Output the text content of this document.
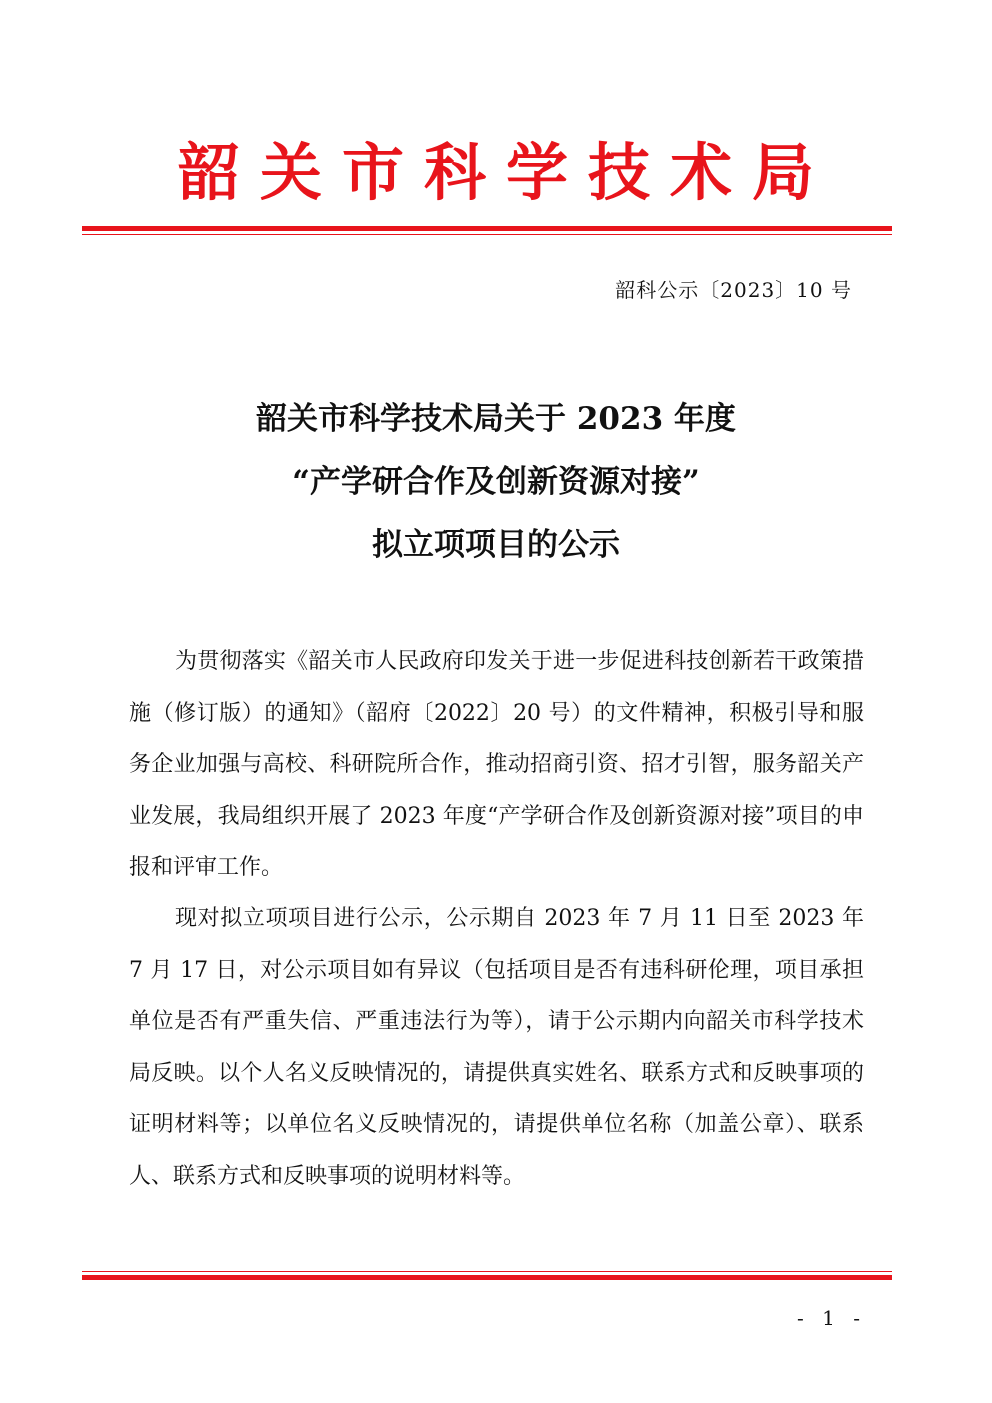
韶关市科学技术局
韶科公示〔2023〕10 号
韶关市科学技术局关于 2023 年度
“产学研合作及创新资源对接”
拟立项项目的公示
为贯彻落实《韶关市人民政府印发关于进一步促进科技创新若干政策措施（修订版）的通知》（韶府〔2022〕20 号）的文件精神，积极引导和服务企业加强与高校、科研院所合作，推动招商引资、招才引智，服务韶关产业发展，我局组织开展了 2023 年度“产学研合作及创新资源对接”项目的申报和评审工作。
现对拟立项项目进行公示，公示期自 2023 年 7 月 11 日至 2023 年 7 月 17 日，对公示项目如有异议（包括项目是否有违科研伦理，项目承担单位是否有严重失信、严重违法行为等），请于公示期内向韶关市科学技术局反映。以个人名义反映情况的，请提供真实姓名、联系方式和反映事项的证明材料等；以单位名义反映情况的，请提供单位名称（加盖公章）、联系人、联系方式和反映事项的说明材料等。
- 1 -
